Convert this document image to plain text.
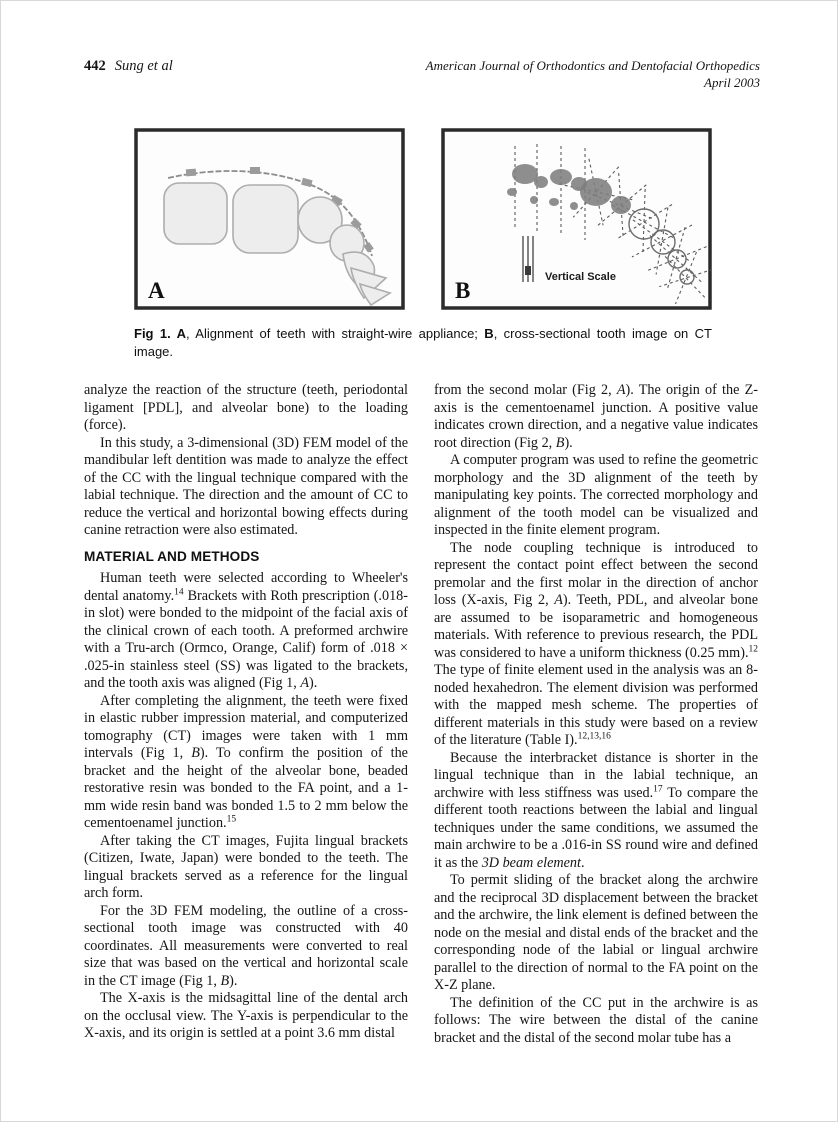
442 Sung et al	American Journal of Orthodontics and Dentofacial Orthopedics
April 2003
A
Vertical Scale
B
Fig 1. A, Alignment of teeth with straight-wire appliance; B, cross-sectional tooth image on CT image.

analyze the reaction of the structure (teeth, periodontal ligament [PDL], and alveolar bone) to the loading (force).

In this study, a 3-dimensional (3D) FEM model of the mandibular left dentition was made to analyze the effect of the CC with the lingual technique compared with the labial technique. The direction and the amount of CC to reduce the vertical and horizontal bowing effects during canine retraction were also estimated.

MATERIAL AND METHODS

Human teeth were selected according to Wheeler's dental anatomy.$^{14}$ Brackets with Roth prescription (.018-in slot) were bonded to the midpoint of the facial axis of the clinical crown of each tooth. A preformed archwire with a Tru-arch (Ormco, Orange, Calif) form of .018 × .025-in stainless steel (SS) was ligated to the brackets, and the tooth axis was aligned (Fig 1, A).

After completing the alignment, the teeth were fixed in elastic rubber impression material, and computerized tomography (CT) images were taken with 1 mm intervals (Fig 1, B). To confirm the position of the bracket and the height of the alveolar bone, beaded restorative resin was bonded to the FA point, and a 1-mm wide resin band was bonded 1.5 to 2 mm below the cementoenamel junction.$^{15}$

After taking the CT images, Fujita lingual brackets (Citizen, Iwate, Japan) were bonded to the teeth. The lingual brackets served as a reference for the lingual arch form.

For the 3D FEM modeling, the outline of a cross-sectional tooth image was constructed with 40 coordinates. All measurements were converted to real size that was based on the vertical and horizontal scale in the CT image (Fig 1, B).

The X-axis is the midsagittal line of the dental arch on the occlusal view. The Y-axis is perpendicular to the X-axis, and its origin is settled at a point 3.6 mm distal

from the second molar (Fig 2, A). The origin of the Z-axis is the cementoenamel junction. A positive value indicates crown direction, and a negative value indicates root direction (Fig 2, B).

A computer program was used to refine the geometric morphology and the 3D alignment of the teeth by manipulating key points. The corrected morphology and alignment of the tooth model can be visualized and inspected in the finite element program.

The node coupling technique is introduced to represent the contact point effect between the second premolar and the first molar in the direction of anchor loss (X-axis, Fig 2, A). Teeth, PDL, and alveolar bone are assumed to be isoparametric and homogeneous materials. With reference to previous research, the PDL was considered to have a uniform thickness (0.25 mm).$^{12}$ The type of finite element used in the analysis was an 8-noded hexahedron. The element division was performed with the mapped mesh scheme. The properties of different materials in this study were based on a review of the literature (Table I).$^{12,13,16}$

Because the interbracket distance is shorter in the lingual technique than in the labial technique, an archwire with less stiffness was used.$^{17}$ To compare the different tooth reactions between the labial and lingual techniques under the same conditions, we assumed the main archwire to be a .016-in SS round wire and defined it as the 3D beam element.

To permit sliding of the bracket along the archwire and the reciprocal 3D displacement between the bracket and the archwire, the link element is defined between the node on the mesial and distal ends of the bracket and the corresponding node of the labial or lingual archwire parallel to the direction of normal to the FA point on the X-Z plane.

The definition of the CC put in the archwire is as follows: The wire between the distal of the canine bracket and the distal of the second molar tube has a
